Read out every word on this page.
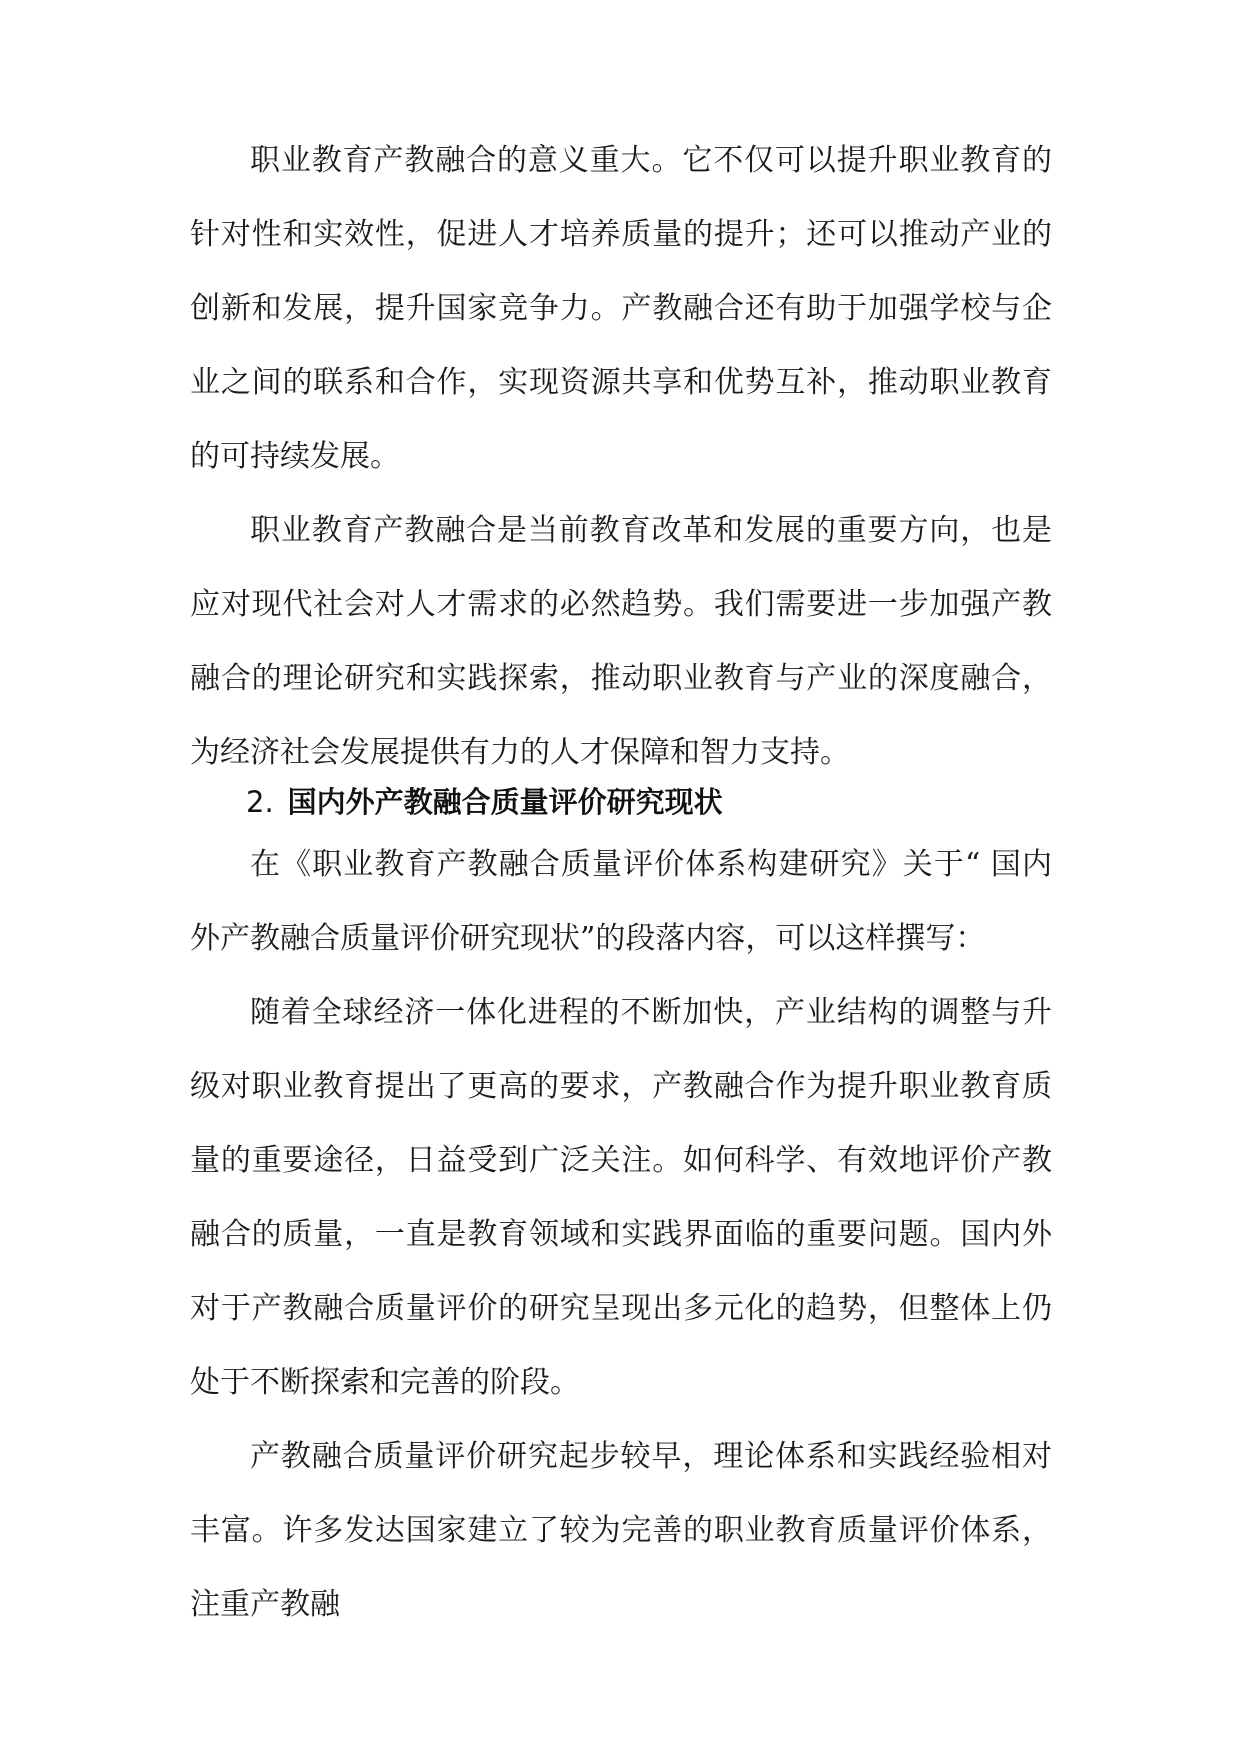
职业教育产教融合的意义重大。它不仅可以提升职业教育的针对性和实效性，促进人才培养质量的提升；还可以推动产业的创新和发展，提升国家竞争力。产教融合还有助于加强学校与企业之间的联系和合作，实现资源共享和优势互补，推动职业教育的可持续发展。

职业教育产教融合是当前教育改革和发展的重要方向，也是应对现代社会对人才需求的必然趋势。我们需要进一步加强产教融合的理论研究和实践探索，推动职业教育与产业的深度融合，为经济社会发展提供有力的人才保障和智力支持。

2. 国内外产教融合质量评价研究现状

在《职业教育产教融合质量评价体系构建研究》关于“ 国内外产教融合质量评价研究现状”的段落内容，可以这样撰写：

随着全球经济一体化进程的不断加快，产业结构的调整与升级对职业教育提出了更高的要求，产教融合作为提升职业教育质量的重要途径，日益受到广泛关注。如何科学、有效地评价产教融合的质量，一直是教育领域和实践界面临的重要问题。国内外对于产教融合质量评价的研究呈现出多元化的趋势，但整体上仍处于不断探索和完善的阶段。

产教融合质量评价研究起步较早，理论体系和实践经验相对丰富。许多发达国家建立了较为完善的职业教育质量评价体系，注重产教融
